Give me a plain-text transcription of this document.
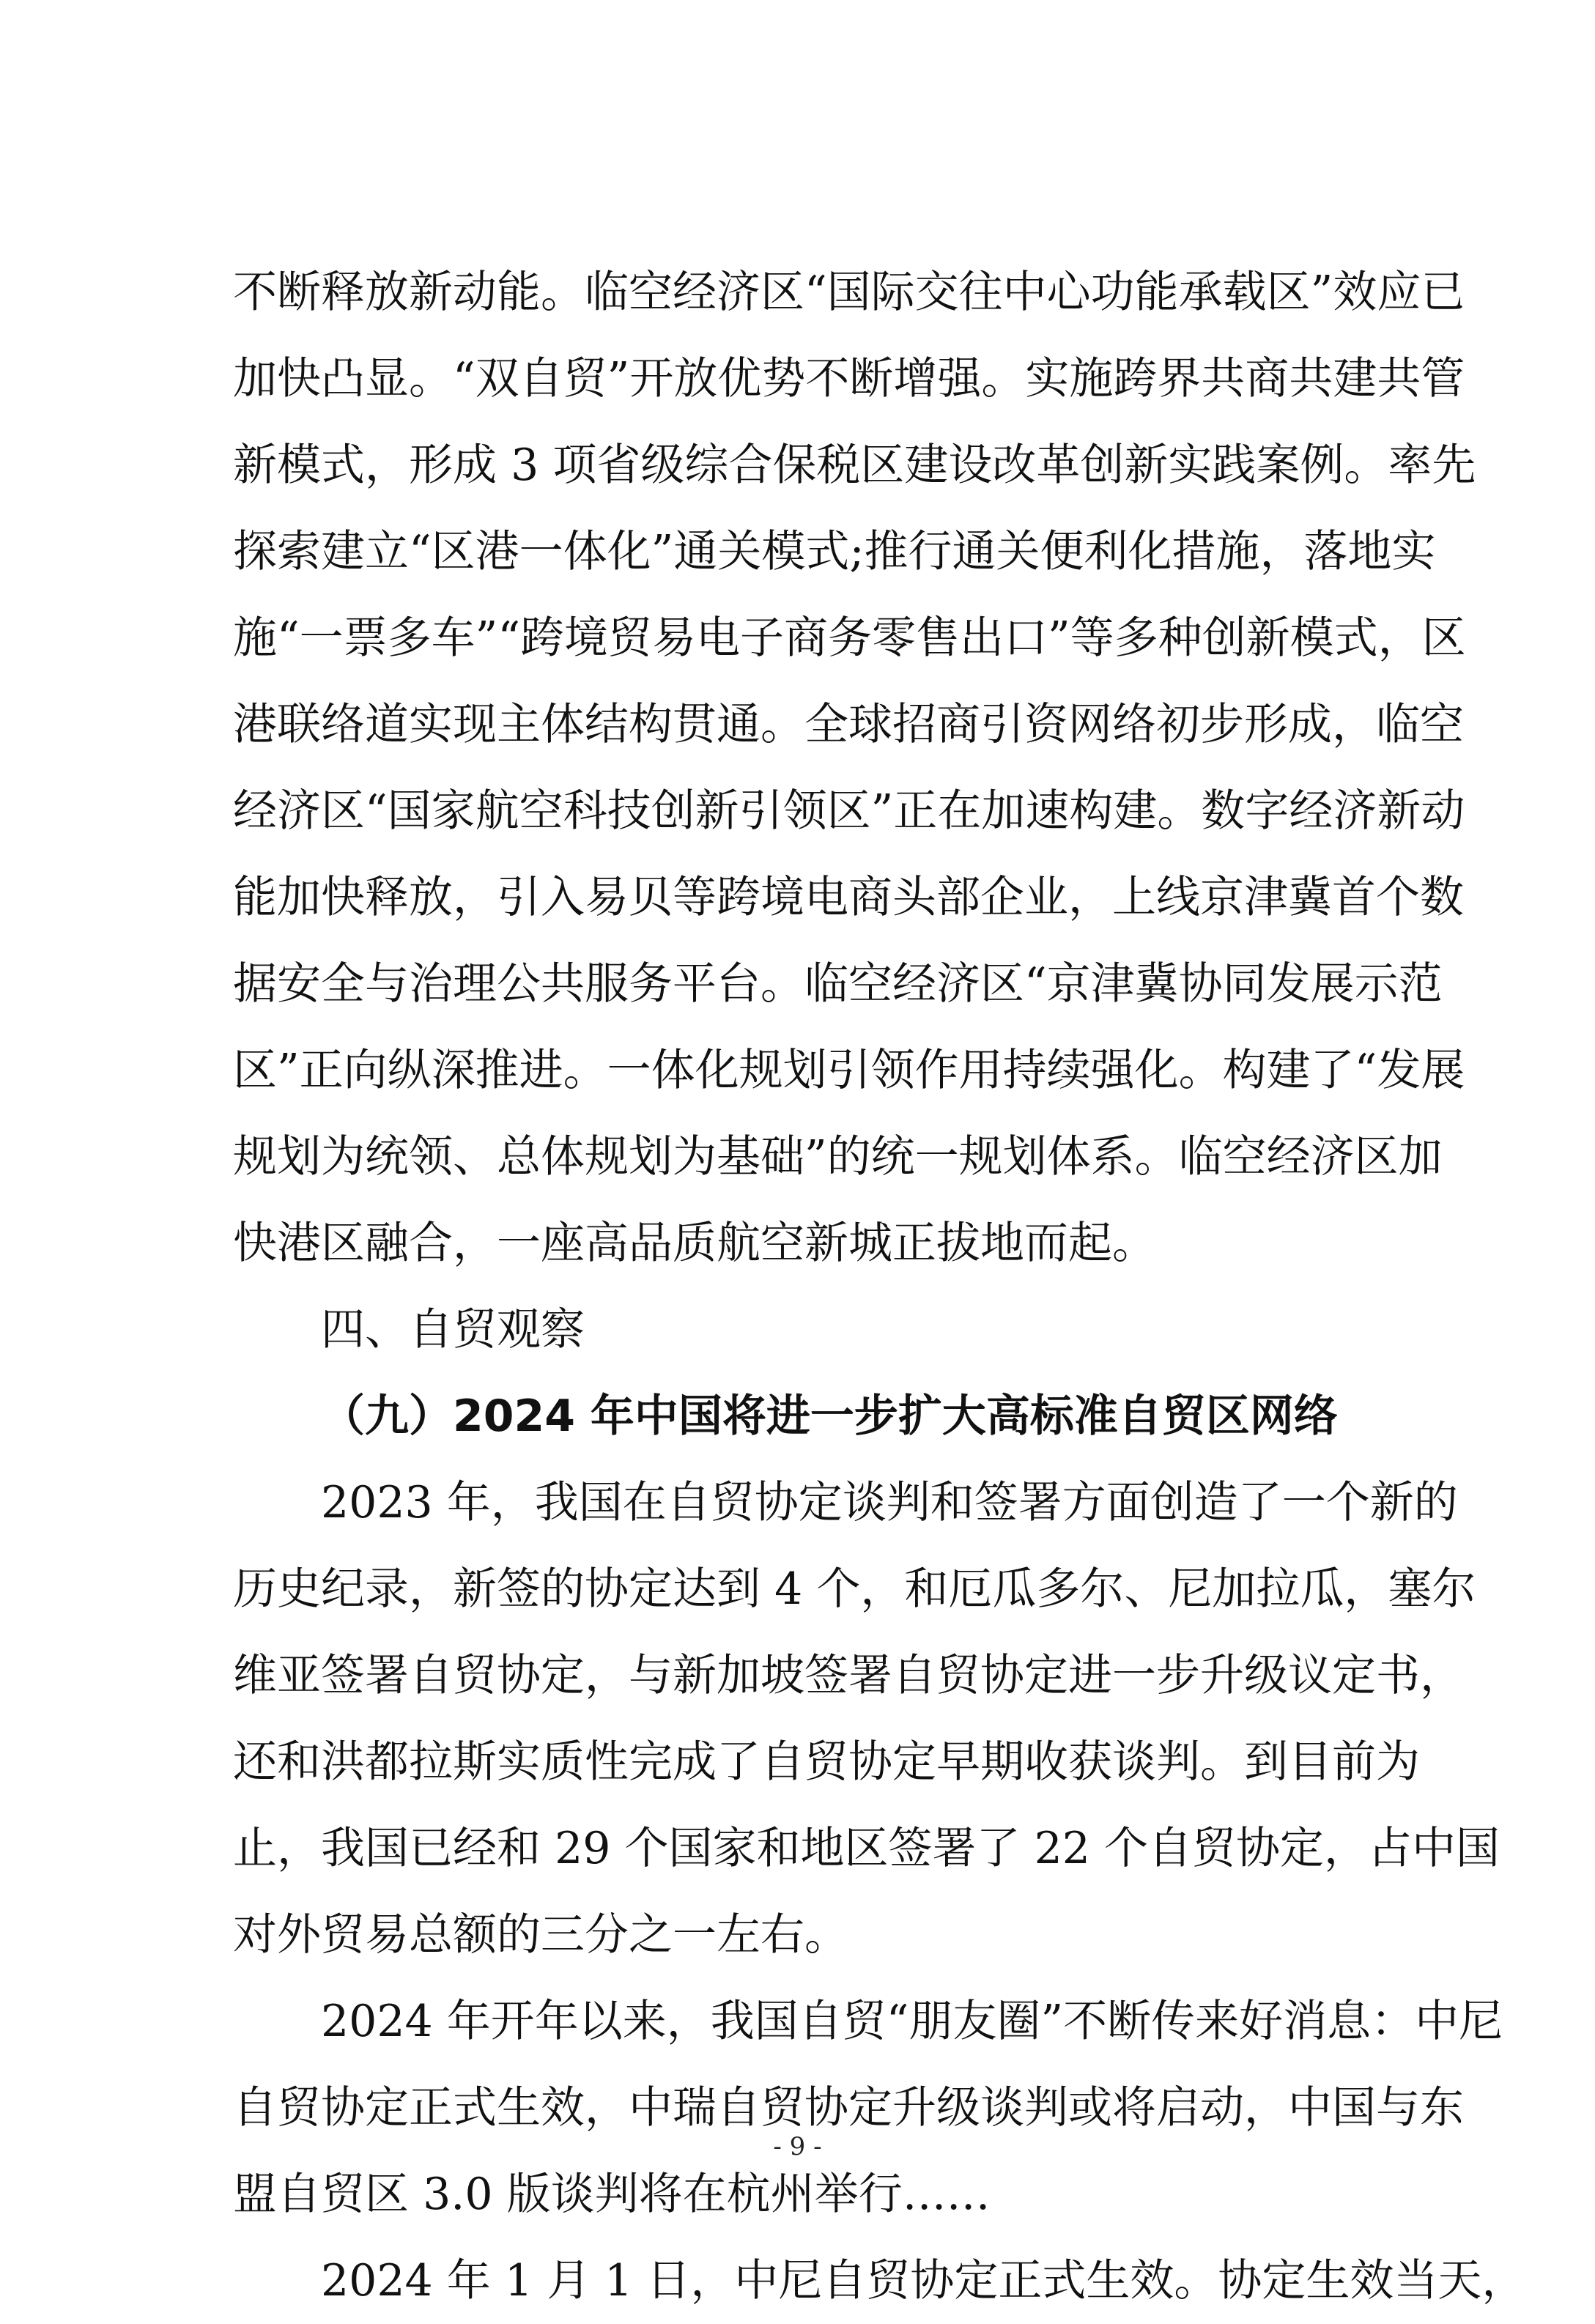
不断释放新动能。临空经济区“国际交往中心功能承载区”效应已
加快凸显。“双自贸”开放优势不断增强。实施跨界共商共建共管
新模式，形成 3 项省级综合保税区建设改革创新实践案例。率先
探索建立“区港一体化”通关模式;推行通关便利化措施，落地实
施“一票多车”“跨境贸易电子商务零售出口”等多种创新模式，区
港联络道实现主体结构贯通。全球招商引资网络初步形成，临空
经济区“国家航空科技创新引领区”正在加速构建。数字经济新动
能加快释放，引入易贝等跨境电商头部企业，上线京津冀首个数
据安全与治理公共服务平台。临空经济区“京津冀协同发展示范
区”正向纵深推进。一体化规划引领作用持续强化。构建了“发展
规划为统领、总体规划为基础”的统一规划体系。临空经济区加
快港区融合，一座高品质航空新城正拔地而起。
四、自贸观察
（九）2024 年中国将进一步扩大高标准自贸区网络
2023 年，我国在自贸协定谈判和签署方面创造了一个新的
历史纪录，新签的协定达到 4 个，和厄瓜多尔、尼加拉瓜，塞尔
维亚签署自贸协定，与新加坡签署自贸协定进一步升级议定书，
还和洪都拉斯实质性完成了自贸协定早期收获谈判。到目前为
止，我国已经和 29 个国家和地区签署了 22 个自贸协定，占中国
对外贸易总额的三分之一左右。
2024 年开年以来，我国自贸“朋友圈”不断传来好消息：中尼
自贸协定正式生效，中瑞自贸协定升级谈判或将启动，中国与东
盟自贸区 3.0 版谈判将在杭州举行……
2024 年 1 月 1 日，中尼自贸协定正式生效。协定生效当天，
- 9 -
